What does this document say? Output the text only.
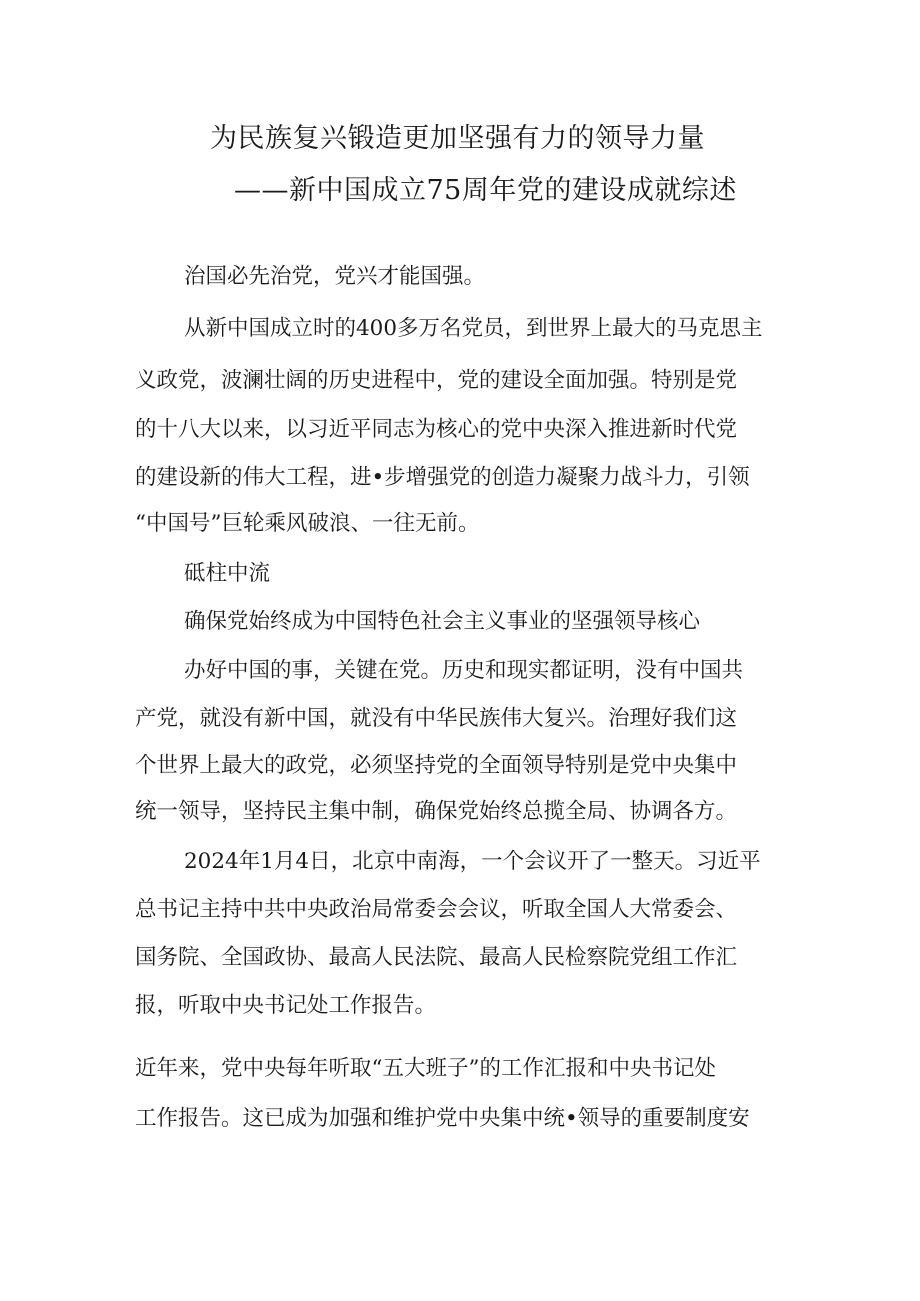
为民族复兴锻造更加坚强有力的领导力量
——新中国成立75周年党的建设成就综述
治国必先治党，党兴才能国强。
从新中国成立时的400多万名党员，到世界上最大的马克思主
义政党，波澜壮阔的历史进程中，党的建设全面加强。特别是党
的十八大以来，以习近平同志为核心的党中央深入推进新时代党
的建设新的伟大工程，进•步增强党的创造力凝聚力战斗力，引领
“中国号”巨轮乘风破浪、一往无前。
砥柱中流
确保党始终成为中国特色社会主义事业的坚强领导核心
办好中国的事，关键在党。历史和现实都证明，没有中国共
产党，就没有新中国，就没有中华民族伟大复兴。治理好我们这
个世界上最大的政党，必须坚持党的全面领导特别是党中央集中
统一领导，坚持民主集中制，确保党始终总揽全局、协调各方。
2024年1月4日，北京中南海，一个会议开了一整天。习近平
总书记主持中共中央政治局常委会会议，听取全国人大常委会、
国务院、全国政协、最高人民法院、最高人民检察院党组工作汇
报，听取中央书记处工作报告。
近年来，党中央每年听取“五大班子”的工作汇报和中央书记处
工作报告。这已成为加强和维护党中央集中统•领导的重要制度安
